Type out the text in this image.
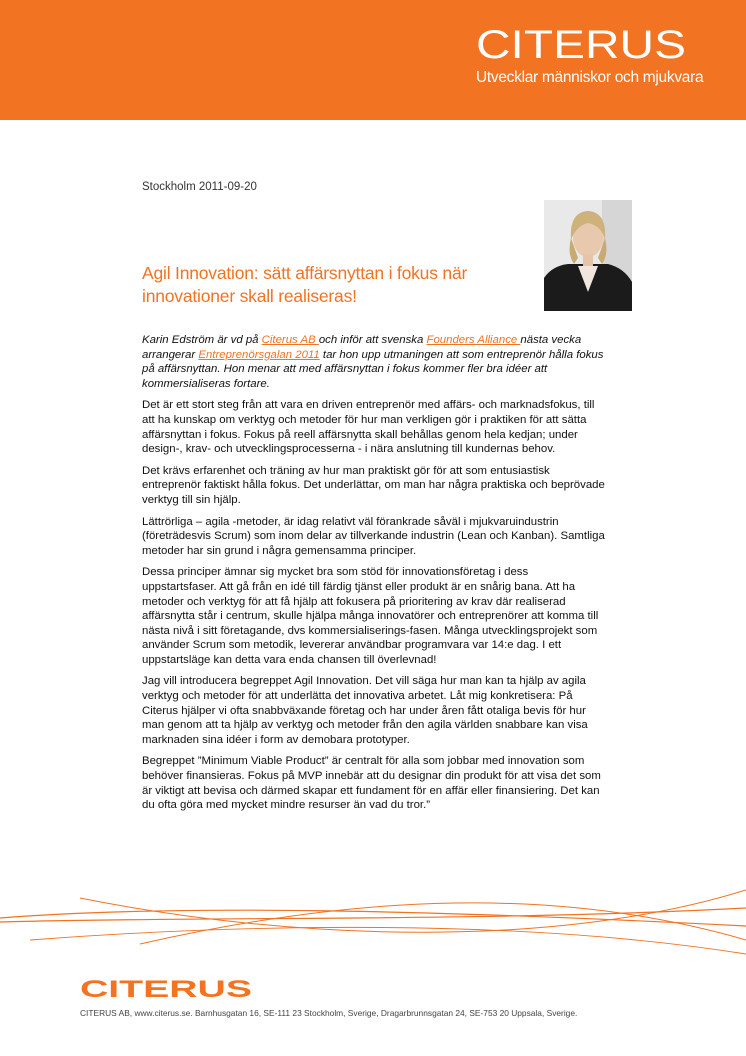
CITERUS
Utvecklar människor och mjukvara
Stockholm 2011-09-20
Agil Innovation: sätt affärsnyttan i fokus när innovationer skall realiseras!

Karin Edström är vd på Citerus AB och inför att svenska Founders Alliance nästa vecka arrangerar Entreprenörsgalan 2011 tar hon upp utmaningen att som entreprenör hålla fokus på affärsnyttan. Hon menar att med affärsnyttan i fokus kommer fler bra idéer att kommersialiseras fortare.

Det är ett stort steg från att vara en driven entreprenör med affärs- och marknadsfokus, till att ha kunskap om verktyg och metoder för hur man verkligen gör i praktiken för att sätta affärsnyttan i fokus. Fokus på reell affärsnytta skall behållas genom hela kedjan; under design-, krav- och utvecklingsprocesserna - i nära anslutning till kundernas behov.

Det krävs erfarenhet och träning av hur man praktiskt gör för att som entusiastisk entreprenör faktiskt hålla fokus. Det underlättar, om man har några praktiska och beprövade verktyg till sin hjälp.

Lättrörliga – agila -metoder, är idag relativt väl förankrade såväl i mjukvaruindustrin (företrädesvis Scrum) som inom delar av tillverkande industrin (Lean och Kanban). Samtliga metoder har sin grund i några gemensamma principer.

Dessa principer ämnar sig mycket bra som stöd för innovationsföretag i dess uppstartsfaser. Att gå från en idé till färdig tjänst eller produkt är en snårig bana. Att ha metoder och verktyg för att få hjälp att fokusera på prioritering av krav där realiserad affärsnytta står i centrum, skulle hjälpa många innovatörer och entreprenörer att komma till nästa nivå i sitt företagande, dvs kommersialiserings-fasen. Många utvecklingsprojekt som använder Scrum som metodik, levererar användbar programvara var 14:e dag. I ett uppstartsläge kan detta vara enda chansen till överlevnad!

Jag vill introducera begreppet Agil Innovation. Det vill säga hur man kan ta hjälp av agila verktyg och metoder för att underlätta det innovativa arbetet. Låt mig konkretisera: På Citerus hjälper vi ofta snabbväxande företag och har under åren fått otaliga bevis för hur man genom att ta hjälp av verktyg och metoder från den agila världen snabbare kan visa marknaden sina idéer i form av demobara prototyper.

Begreppet ”Minimum Viable Product” är centralt för alla som jobbar med innovation som behöver finansieras. Fokus på MVP innebär att du designar din produkt för att visa det som är viktigt att bevisa och därmed skapar ett fundament för en affär eller finansiering. Det kan du ofta göra med mycket mindre resurser än vad du tror.”

CITERUS
CITERUS AB, www.citerus.se. Barnhusgatan 16, SE-111 23 Stockholm, Sverige, Dragarbrunnsgatan 24, SE-753 20 Uppsala, Sverige.
